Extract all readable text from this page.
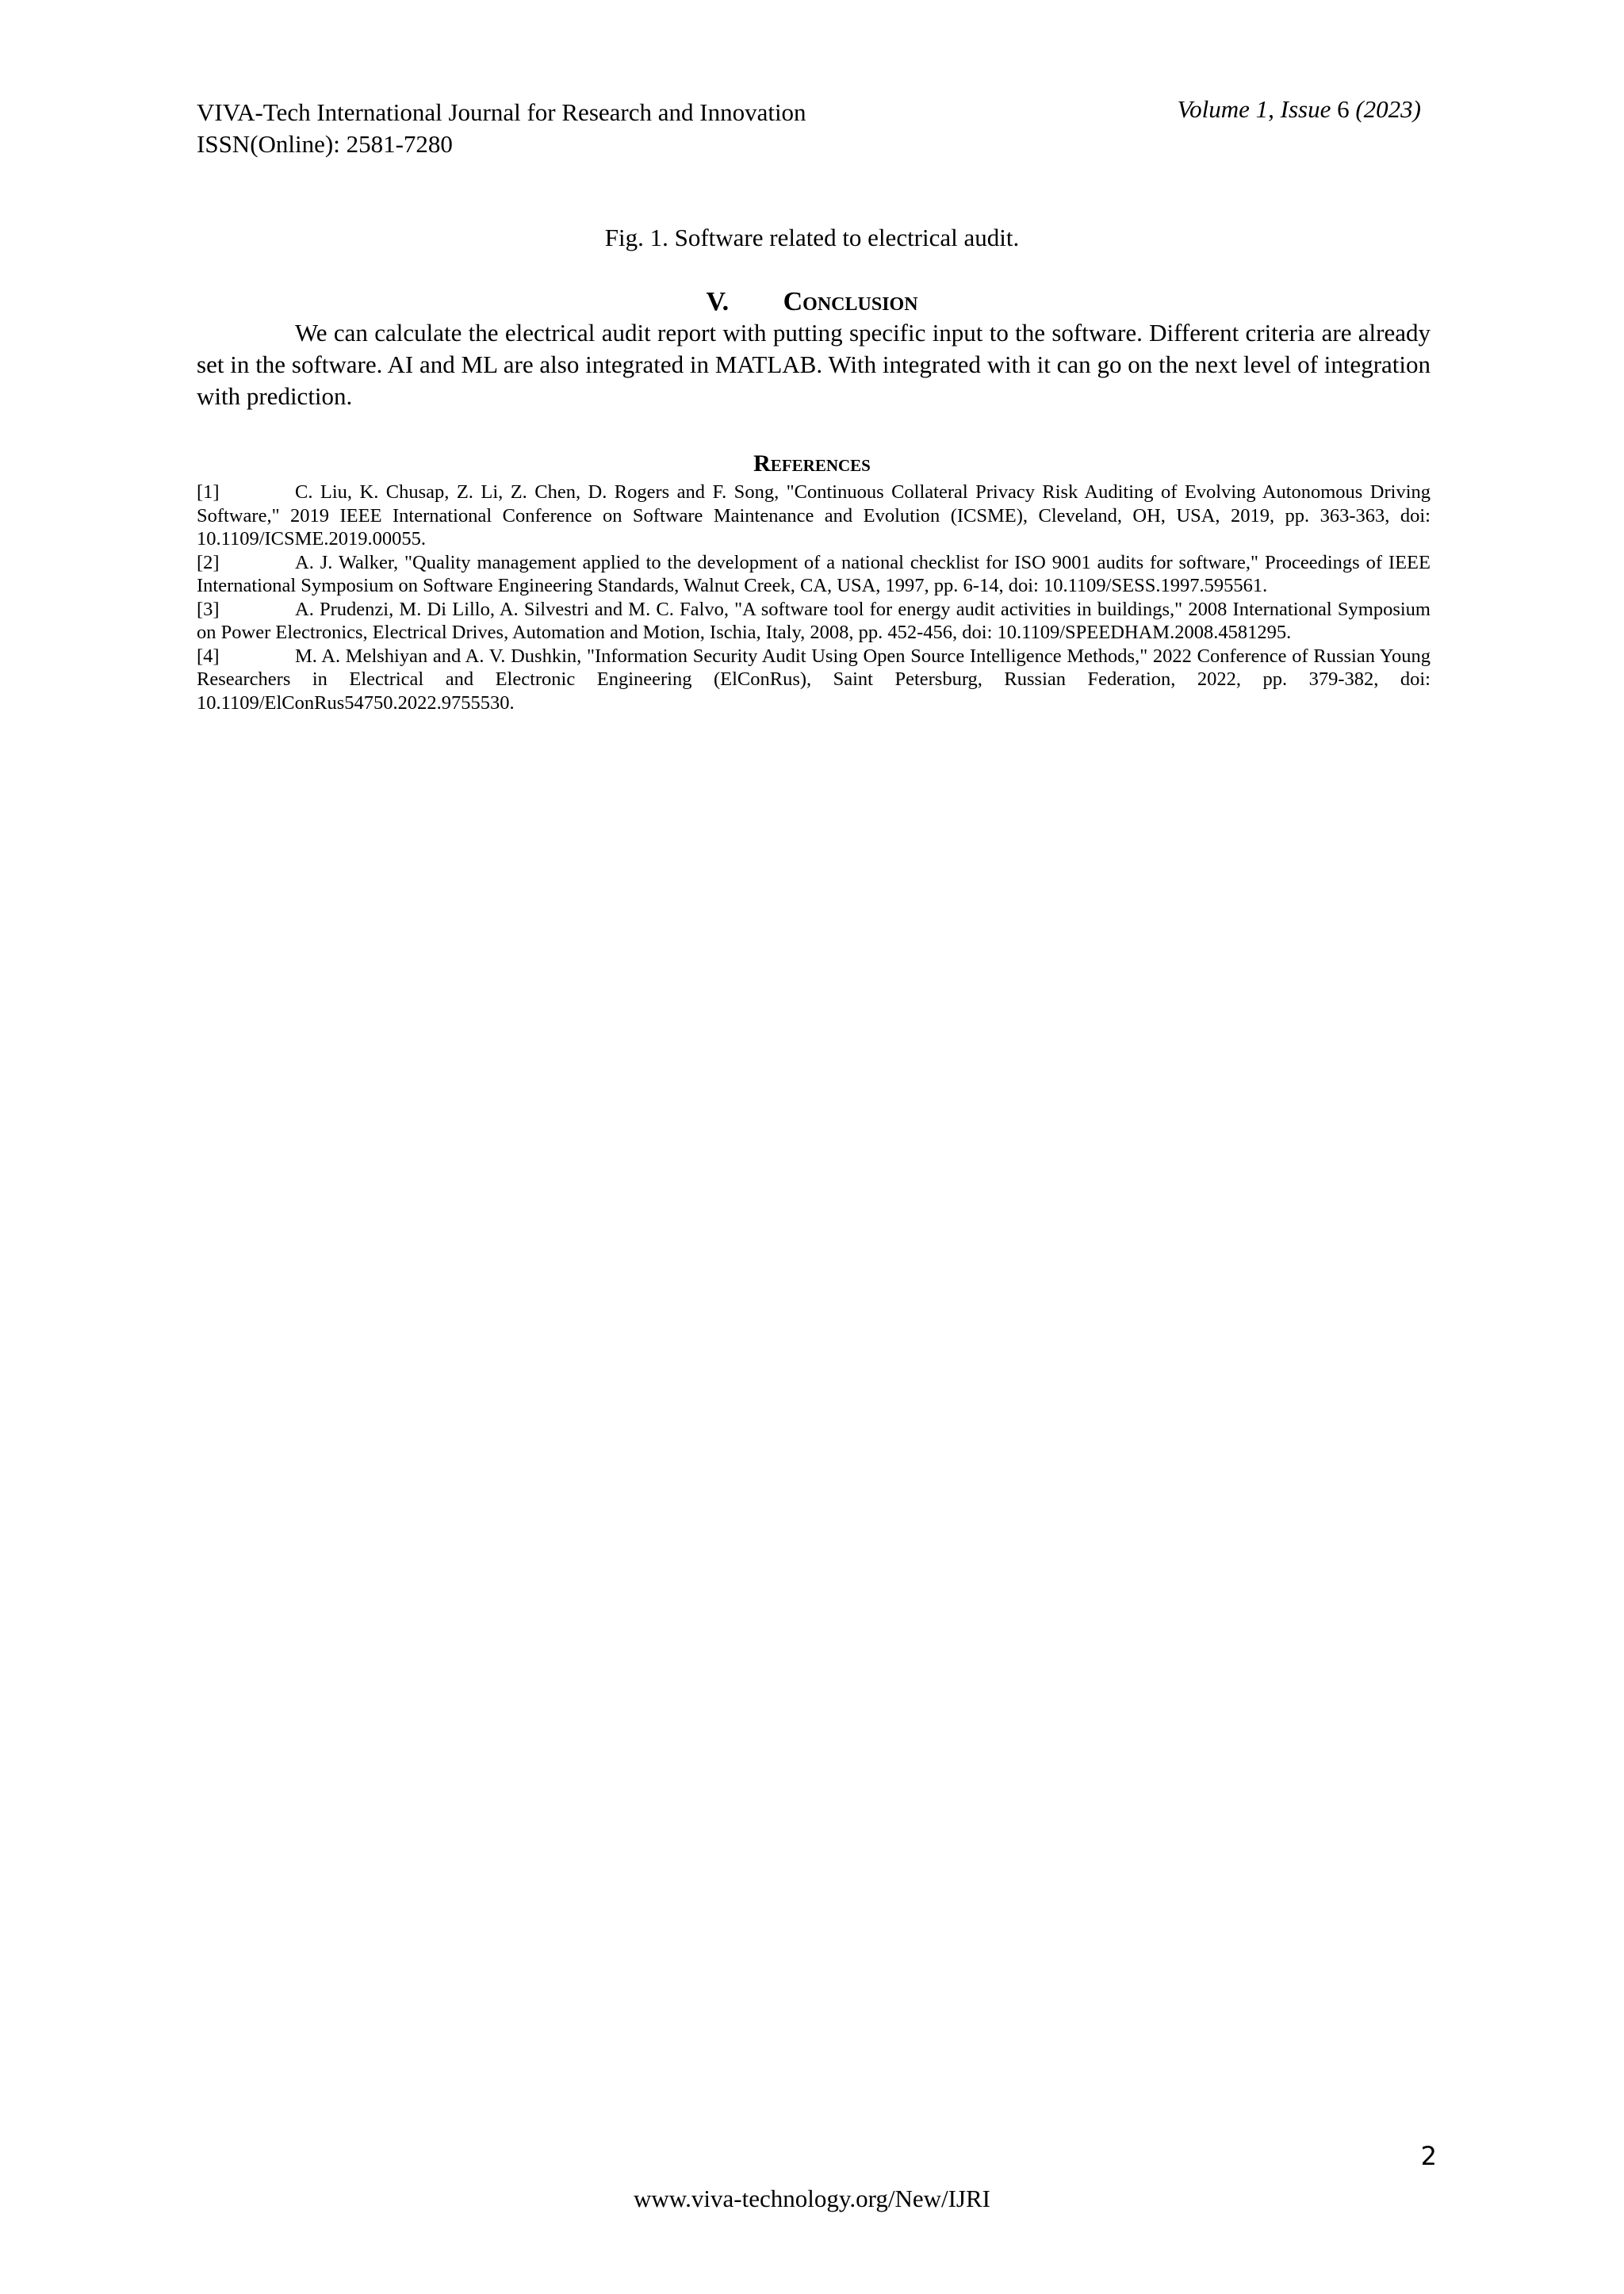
VIVA-Tech International Journal for Research and Innovation
ISSN(Online): 2581-7280
Volume 1, Issue 6 (2023)
Fig. 1. Software related to electrical audit.
V. Conclusion

We can calculate the electrical audit report with putting specific input to the software. Different criteria are already set in the software. AI and ML are also integrated in MATLAB. With integrated with it can go on the next level of integration with prediction.

References
[1]	C. Liu, K. Chusap, Z. Li, Z. Chen, D. Rogers and F. Song, "Continuous Collateral Privacy Risk Auditing of Evolving Autonomous Driving Software," 2019 IEEE International Conference on Software Maintenance and Evolution (ICSME), Cleveland, OH, USA, 2019, pp. 363-363, doi: 10.1109/ICSME.2019.00055.
[2]	A. J. Walker, "Quality management applied to the development of a national checklist for ISO 9001 audits for software," Proceedings of IEEE International Symposium on Software Engineering Standards, Walnut Creek, CA, USA, 1997, pp. 6-14, doi: 10.1109/SESS.1997.595561.
[3]	A. Prudenzi, M. Di Lillo, A. Silvestri and M. C. Falvo, "A software tool for energy audit activities in buildings," 2008 International Symposium on Power Electronics, Electrical Drives, Automation and Motion, Ischia, Italy, 2008, pp. 452-456, doi: 10.1109/SPEEDHAM.2008.4581295.
[4]	M. A. Melshiyan and A. V. Dushkin, "Information Security Audit Using Open Source Intelligence Methods," 2022 Conference of Russian Young Researchers in Electrical and Electronic Engineering (ElConRus), Saint Petersburg, Russian Federation, 2022, pp. 379-382, doi: 10.1109/ElConRus54750.2022.9755530.
2
www.viva-technology.org/New/IJRI
